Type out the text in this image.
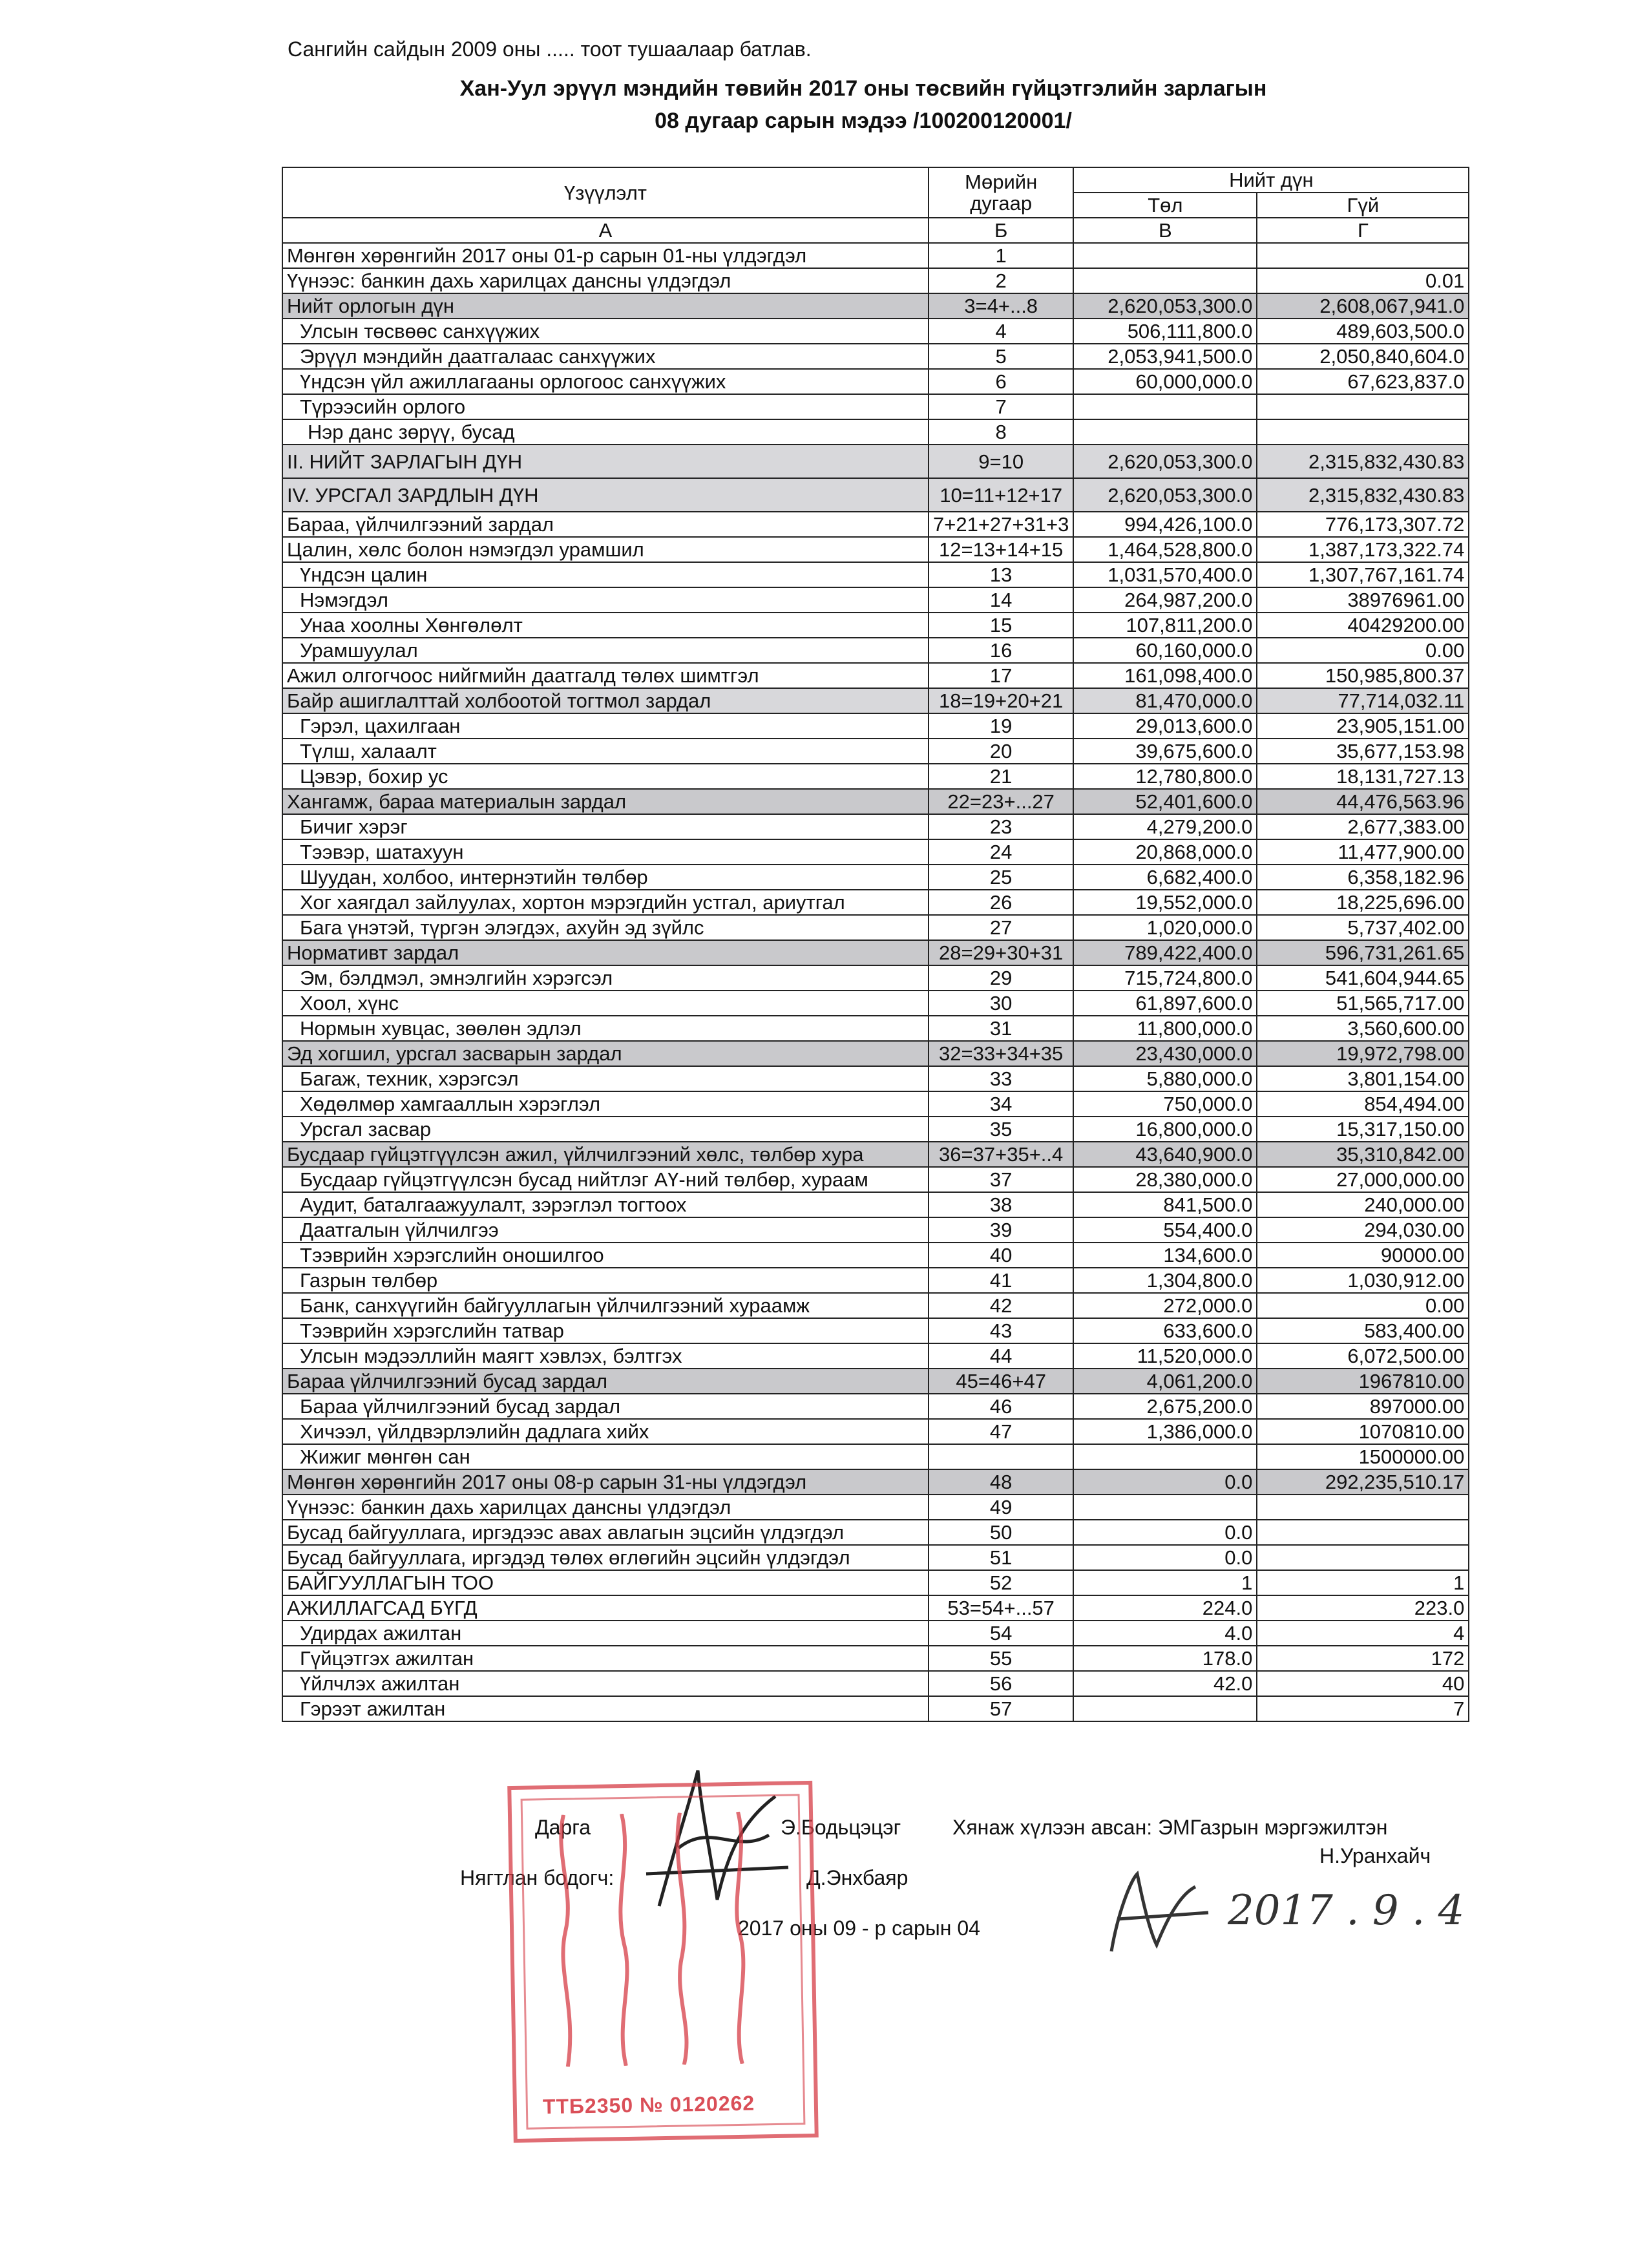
Сангийн сайдын 2009 оны ..... тоот тушаалаар батлав.
Хан-Уул эрүүл мэндийн төвийн 2017 оны төсвийн гүйцэтгэлийн зарлагын
08 дугаар сарын мэдээ /100200120001/
Үзүүлэлт	Мөрийн дугаар	Нийт дүн	
		Төл	Гүй
А	Б	В	Г
Мөнгөн хөрөнгийн 2017 оны 01-р сарын 01-ны үлдэгдэл	1		
Үүнээс: банкин дахь харилцах дансны үлдэгдэл	2		0.01
Нийт орлогын дүн	3=4+...8	2,620,053,300.0	2,608,067,941.0
Улсын төсвөөс санхүүжих	4	506,111,800.0	489,603,500.0
Эрүүл мэндийн даатгалаас санхүүжих	5	2,053,941,500.0	2,050,840,604.0
Үндсэн үйл ажиллагааны орлогоос санхүүжих	6	60,000,000.0	67,623,837.0
Түрээсийн орлого	7		
Нэр данс зөрүү, бусад	8		
II. НИЙТ ЗАРЛАГЫН ДҮН	9=10	2,620,053,300.0	2,315,832,430.83
IV. УРСГАЛ ЗАРДЛЫН ДҮН	10=11+12+17	2,620,053,300.0	2,315,832,430.83
Бараа, үйлчилгээний зардал	7+21+27+31+3	994,426,100.0	776,173,307.72
Цалин, хөлс болон нэмэгдэл урамшил	12=13+14+15	1,464,528,800.0	1,387,173,322.74
Үндсэн цалин	13	1,031,570,400.0	1,307,767,161.74
Нэмэгдэл	14	264,987,200.0	38976961.00
Унаа хоолны Хөнгөлөлт	15	107,811,200.0	40429200.00
Урамшуулал	16	60,160,000.0	0.00
Ажил олгогчоос нийгмийн даатгалд төлөх шимтгэл	17	161,098,400.0	150,985,800.37
Байр ашиглалттай холбоотой тогтмол зардал	18=19+20+21	81,470,000.0	77,714,032.11
Гэрэл, цахилгаан	19	29,013,600.0	23,905,151.00
Түлш, халаалт	20	39,675,600.0	35,677,153.98
Цэвэр, бохир ус	21	12,780,800.0	18,131,727.13
Хангамж, бараа материалын зардал	22=23+...27	52,401,600.0	44,476,563.96
Бичиг хэрэг	23	4,279,200.0	2,677,383.00
Тээвэр, шатахуун	24	20,868,000.0	11,477,900.00
Шуудан, холбоо, интернэтийн төлбөр	25	6,682,400.0	6,358,182.96
Хог хаягдал зайлуулах, хортон мэрэгдийн устгал, ариутгал	26	19,552,000.0	18,225,696.00
Бага үнэтэй, түргэн элэгдэх, ахуйн эд зүйлс	27	1,020,000.0	5,737,402.00
Нормативт зардал	28=29+30+31	789,422,400.0	596,731,261.65
Эм, бэлдмэл, эмнэлгийн хэрэгсэл	29	715,724,800.0	541,604,944.65
Хоол, хүнс	30	61,897,600.0	51,565,717.00
Нормын хувцас, зөөлөн эдлэл	31	11,800,000.0	3,560,600.00
Эд хогшил, урсгал засварын зардал	32=33+34+35	23,430,000.0	19,972,798.00
Багаж, техник, хэрэгсэл	33	5,880,000.0	3,801,154.00
Хөдөлмөр хамгааллын хэрэглэл	34	750,000.0	854,494.00
Урсгал засвар	35	16,800,000.0	15,317,150.00
Бусдаар гүйцэтгүүлсэн ажил, үйлчилгээний хөлс, төлбөр хура	36=37+35+..4	43,640,900.0	35,310,842.00
Бусдаар гүйцэтгүүлсэн бусад нийтлэг АҮ-ний төлбөр, хураам	37	28,380,000.0	27,000,000.00
Аудит, баталгаажуулалт, зэрэглэл тогтоох	38	841,500.0	240,000.00
Даатгалын үйлчилгээ	39	554,400.0	294,030.00
Тээврийн хэрэгслийн оношилгоо	40	134,600.0	90000.00
Газрын төлбөр	41	1,304,800.0	1,030,912.00
Банк, санхүүгийн байгууллагын үйлчилгээний хураамж	42	272,000.0	0.00
Тээврийн хэрэгслийн татвар	43	633,600.0	583,400.00
Улсын мэдээллийн маягт хэвлэх, бэлтгэх	44	11,520,000.0	6,072,500.00
Бараа үйлчилгээний бусад зардал	45=46+47	4,061,200.0	1967810.00
Бараа үйлчилгээний бусад зардал	46	2,675,200.0	897000.00
Хичээл, үйлдвэрлэлийн дадлага хийх	47	1,386,000.0	1070810.00
Жижиг мөнгөн сан			1500000.00
Мөнгөн хөрөнгийн 2017 оны 08-р сарын 31-ны үлдэгдэл	48	0.0	292,235,510.17
Үүнээс: банкин дахь харилцах дансны үлдэгдэл	49		
Бусад байгууллага, иргэдээс авах авлагын эцсийн үлдэгдэл	50	0.0	
Бусад байгууллага, иргэдэд төлөх өглөгийн эцсийн үлдэгдэл	51	0.0	
БАЙГУУЛЛАГЫН ТОО	52	1	1
АЖИЛЛАГСАД БҮГД	53=54+...57	224.0	223.0
Удирдах ажилтан	54	4.0	4
Гүйцэтгэх ажилтан	55	178.0	172
Үйлчлэх ажилтан	56	42.0	40
Гэрээт ажилтан	57		7
Дарга	Э.Бодьцэцэг
Нягтлан бодогч:	Д.Энхбаяр
2017 оны 09 - р сарын 04
Хянаж хүлээн авсан: ЭМГазрын мэргэжилтэн
Н.Уранхайч
2017 . 9 . 4
ТТБ2350 № 0120262
